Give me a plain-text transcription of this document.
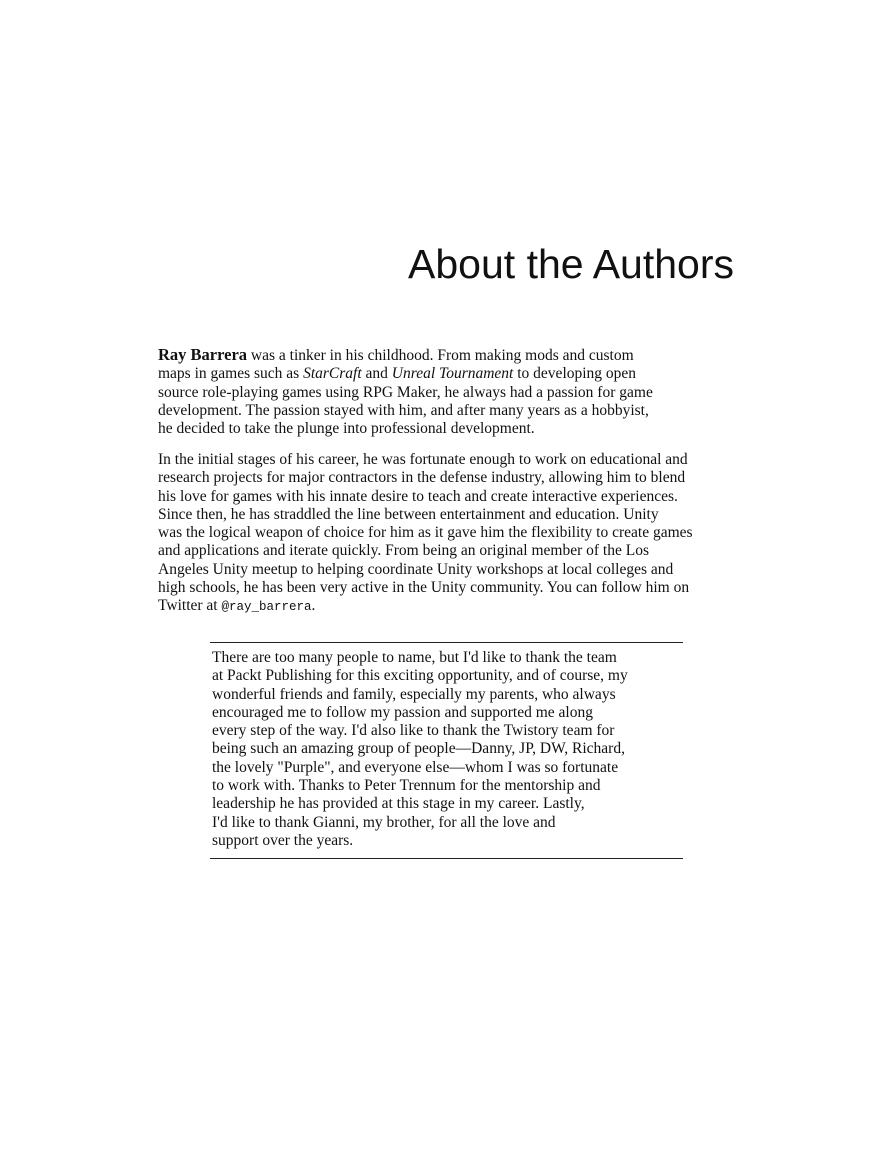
About the Authors

Ray Barrera was a tinker in his childhood. From making mods and custom
maps in games such as StarCraft and Unreal Tournament to developing open
source role-playing games using RPG Maker, he always had a passion for game
development. The passion stayed with him, and after many years as a hobbyist,
he decided to take the plunge into professional development.

In the initial stages of his career, he was fortunate enough to work on educational and
research projects for major contractors in the defense industry, allowing him to blend
his love for games with his innate desire to teach and create interactive experiences.
Since then, he has straddled the line between entertainment and education. Unity
was the logical weapon of choice for him as it gave him the flexibility to create games
and applications and iterate quickly. From being an original member of the Los
Angeles Unity meetup to helping coordinate Unity workshops at local colleges and
high schools, he has been very active in the Unity community. You can follow him on
Twitter at @ray_barrera.

There are too many people to name, but I'd like to thank the team
at Packt Publishing for this exciting opportunity, and of course, my
wonderful friends and family, especially my parents, who always
encouraged me to follow my passion and supported me along
every step of the way. I'd also like to thank the Twistory team for
being such an amazing group of people—Danny, JP, DW, Richard,
the lovely "Purple", and everyone else—whom I was so fortunate
to work with. Thanks to Peter Trennum for the mentorship and
leadership he has provided at this stage in my career. Lastly,
I'd like to thank Gianni, my brother, for all the love and
support over the years.
